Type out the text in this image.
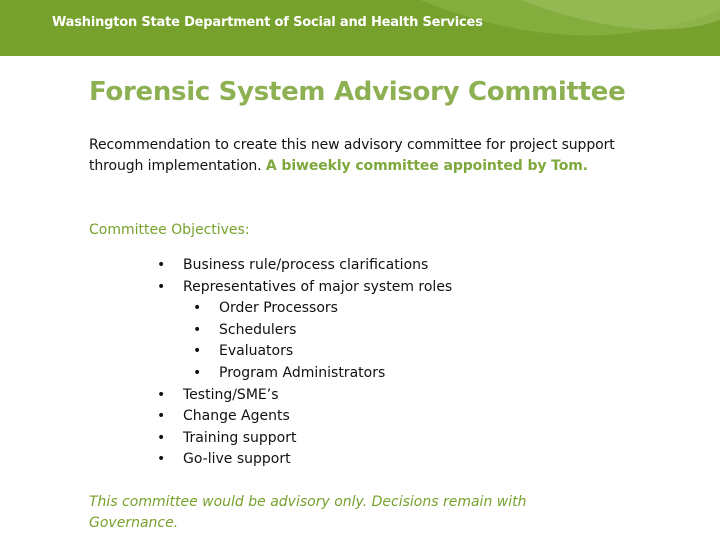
Washington State Department of Social and Health Services
Forensic System Advisory Committee

Recommendation to create this new advisory committee for project support through implementation. A biweekly committee appointed by Tom.

Committee Objectives:

• Business rule/process clarifications
• Representatives of major system roles
• Order Processors
• Schedulers
• Evaluators
• Program Administrators
• Testing/SME’s
• Change Agents
• Training support
• Go-live support

This committee would be advisory only. Decisions remain with Governance.
